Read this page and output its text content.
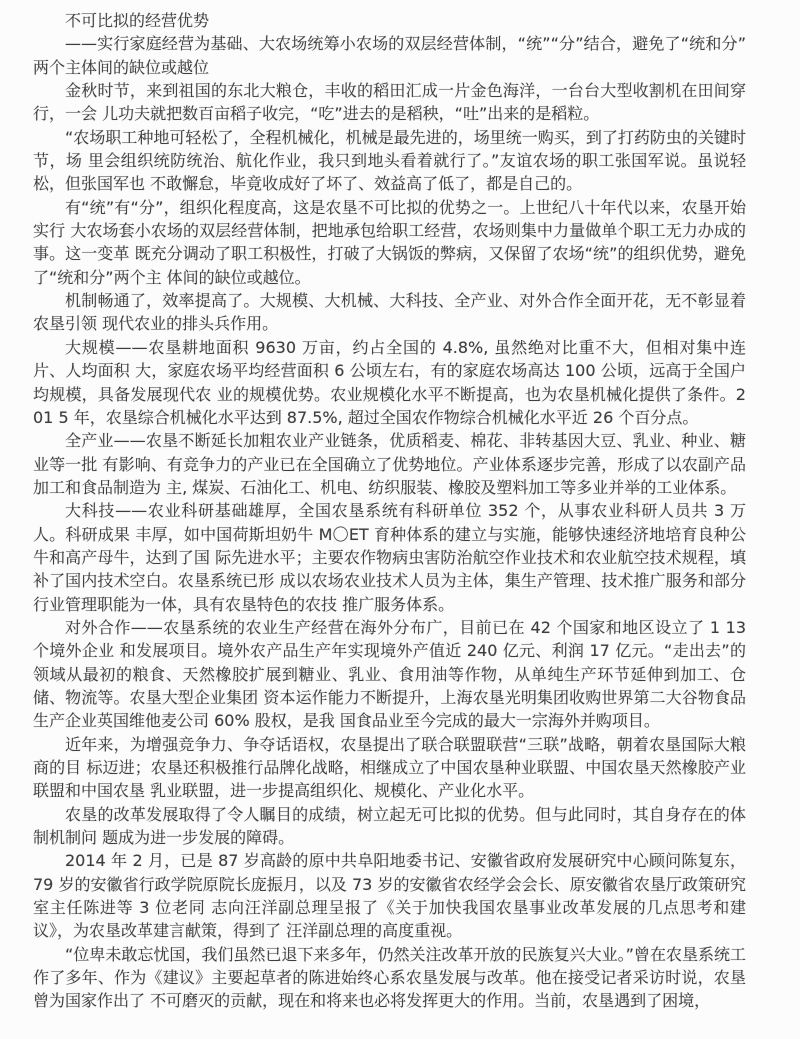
不可比拟的经营优势

——实行家庭经营为基础、大农场统筹小农场的双层经营体制，“统”“分”结合，避免了“统和分”两个主体间的缺位或越位

金秋时节，来到祖国的东北大粮仓，丰收的稻田汇成一片金色海洋，一台台大型收割机在田间穿行，一会 儿功夫就把数百亩稻子收完，“吃”进去的是稻秧，“吐”出来的是稻粒。

“农场职工种地可轻松了，全程机械化，机械是最先进的，场里统一购买，到了打药防虫的关键时节，场 里会组织统防统治、航化作业，我只到地头看着就行了。”友谊农场的职工张国军说。虽说轻松，但张国军也 不敢懈怠，毕竟收成好了坏了、效益高了低了，都是自己的。

有“统”有“分”，组织化程度高，这是农垦不可比拟的优势之一。上世纪八十年代以来，农垦开始实行 大农场套小农场的双层经营体制，把地承包给职工经营，农场则集中力量做单个职工无力办成的事。这一变革 既充分调动了职工积极性，打破了大锅饭的弊病，又保留了农场“统”的组织优势，避免了“统和分”两个主 体间的缺位或越位。

机制畅通了，效率提高了。大规模、大机械、大科技、全产业、对外合作全面开花，无不彰显着农垦引领 现代农业的排头兵作用。

大规模——农垦耕地面积 9630 万亩，约占全国的 4.8%, 虽然绝对比重不大，但相对集中连片、人均面积 大，家庭农场平均经营面积 6 公顷左右，有的家庭农场高达 100 公顷，远高于全国户均规模，具备发展现代农 业的规模优势。农业规模化水平不断提高，也为农垦机械化提供了条件。201 5 年，农垦综合机械化水平达到 87.5%, 超过全国农作物综合机械化水平近 26 个百分点。

全产业——农垦不断延长加粗农业产业链条，优质稻麦、棉花、非转基因大豆、乳业、种业、糖业等一批 有影响、有竞争力的产业已在全国确立了优势地位。产业体系逐步完善，形成了以农副产品加工和食品制造为 主, 煤炭、石油化工、机电、纺织服装、橡胶及塑料加工等多业并举的工业体系。

大科技——农业科研基础雄厚，全国农垦系统有科研单位 352 个，从事农业科研人员共 3 万人。科研成果 丰厚，如中国荷斯坦奶牛 M〇ET 育种体系的建立与实施，能够快速经济地培育良种公牛和高产母牛，达到了国 际先进水平；主要农作物病虫害防治航空作业技术和农业航空技术规程，填补了国内技术空白。农垦系统已形 成以农场农业技术人员为主体，集生产管理、技术推广服务和部分行业管理职能为一体，具有农垦特色的农技 推广服务体系。

对外合作——农垦系统的农业生产经营在海外分布广，目前已在 42 个国家和地区设立了 1 13 个境外企业 和发展项目。境外农产品生产年实现境外产值近 240 亿元、利润 17 亿元。“走出去”的领域从最初的粮食、天然橡胶扩展到糖业、乳业、食用油等作物，从单纯生产环节延伸到加工、仓储、物流等。农垦大型企业集团 资本运作能力不断提升，上海农垦光明集团收购世界第二大谷物食品生产企业英国维他麦公司 60% 股权，是我 国食品业至今完成的最大一宗海外并购项目。

近年来，为增强竞争力、争夺话语权，农垦提出了联合联盟联营“三联”战略，朝着农垦国际大粮商的目 标迈进；农垦还积极推行品牌化战略，相继成立了中国农垦种业联盟、中国农垦天然橡胶产业联盟和中国农垦 乳业联盟，进一步提高组织化、规模化、产业化水平。

农垦的改革发展取得了令人瞩目的成绩，树立起无可比拟的优势。但与此同时，其自身存在的体制机制问 题成为进一步发展的障碍。

2014 年 2 月，已是 87 岁高龄的原中共阜阳地委书记、安徽省政府发展研究中心顾问陈复东，79 岁的安徽省行政学院原院长庞振月，以及 73 岁的安徽省农经学会会长、原安徽省农垦厅政策研究室主任陈进等 3 位老同 志向汪洋副总理呈报了《关于加快我国农垦事业改革发展的几点思考和建议》，为农垦改革建言献策，得到了 汪洋副总理的高度重视。

“位卑未敢忘忧国，我们虽然已退下来多年，仍然关注改革开放的民族复兴大业。”曾在农垦系统工作了多年、作为《建议》主要起草者的陈进始终心系农垦发展与改革。他在接受记者采访时说，农垦曾为国家作出了 不可磨灭的贡献，现在和将来也必将发挥更大的作用。当前，农垦遇到了困境，
